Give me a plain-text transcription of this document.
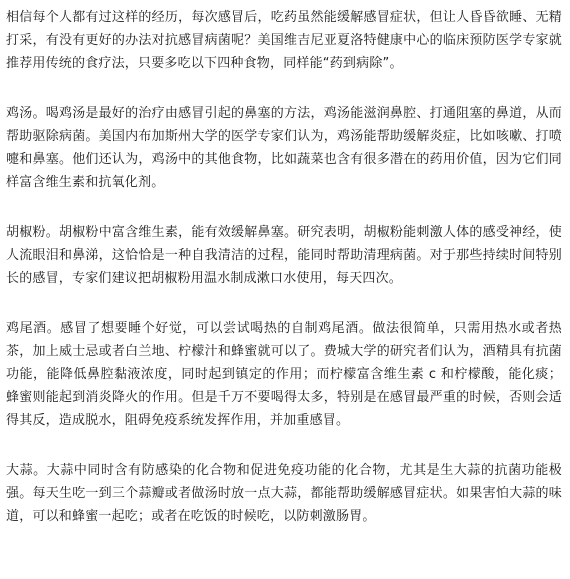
相信每个人都有过这样的经历，每次感冒后，吃药虽然能缓解感冒症状，但让人昏昏欲睡、无精打采，有没有更好的办法对抗感冒病菌呢？美国维吉尼亚夏洛特健康中心的临床预防医学专家就推荐用传统的食疗法，只要多吃以下四种食物，同样能“药到病除”。

鸡汤。喝鸡汤是最好的治疗由感冒引起的鼻塞的方法，鸡汤能滋润鼻腔、打通阻塞的鼻道，从而帮助驱除病菌。美国内布加斯州大学的医学专家们认为，鸡汤能帮助缓解炎症，比如咳嗽、打喷嚏和鼻塞。他们还认为，鸡汤中的其他食物，比如蔬菜也含有很多潜在的药用价值，因为它们同样富含维生素和抗氧化剂。

胡椒粉。胡椒粉中富含维生素，能有效缓解鼻塞。研究表明，胡椒粉能刺激人体的感受神经，使人流眼泪和鼻涕，这恰恰是一种自我清洁的过程，能同时帮助清理病菌。对于那些持续时间特别长的感冒，专家们建议把胡椒粉用温水制成漱口水使用，每天四次。

鸡尾酒。感冒了想要睡个好觉，可以尝试喝热的自制鸡尾酒。做法很简单，只需用热水或者热茶，加上威士忌或者白兰地、柠檬汁和蜂蜜就可以了。费城大学的研究者们认为，酒精具有抗菌功能，能降低鼻腔黏液浓度，同时起到镇定的作用；而柠檬富含维生素 c 和柠檬酸，能化痰；蜂蜜则能起到消炎降火的作用。但是千万不要喝得太多，特别是在感冒最严重的时候，否则会适得其反，造成脱水，阻碍免疫系统发挥作用，并加重感冒。

大蒜。大蒜中同时含有防感染的化合物和促进免疫功能的化合物，尤其是生大蒜的抗菌功能极强。每天生吃一到三个蒜瓣或者做汤时放一点大蒜，都能帮助缓解感冒症状。如果害怕大蒜的味道，可以和蜂蜜一起吃；或者在吃饭的时候吃，以防刺激肠胃。
